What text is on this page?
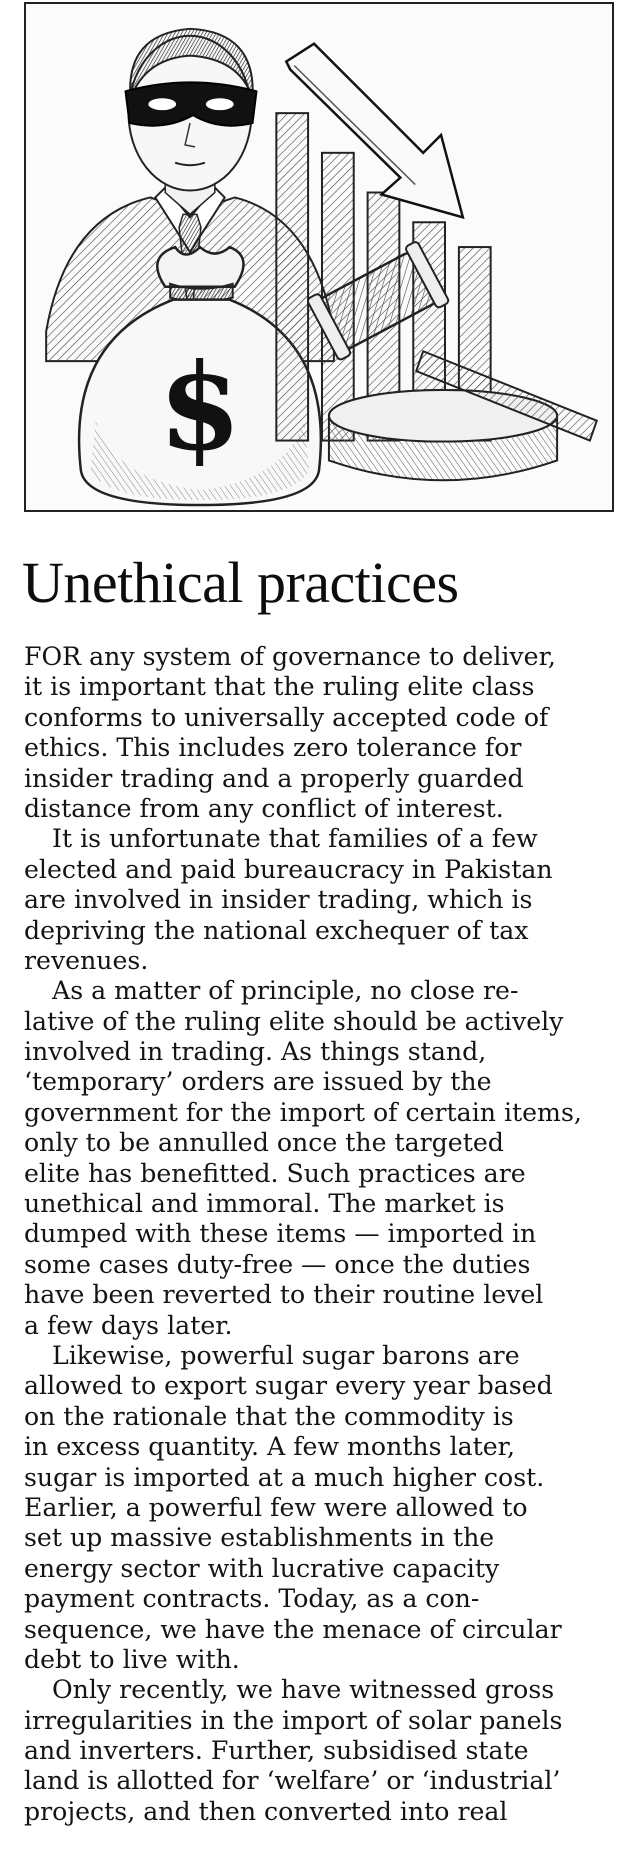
$
Unethical practices

FOR any system of governance to deliver,
it is important that the ruling elite class
conforms to universally accepted code of
ethics. This includes zero tolerance for
insider trading and a properly guarded
distance from any conflict of interest.

It is unfortunate that families of a few
elected and paid bureaucracy in Pakistan
are involved in insider trading, which is
depriving the national exchequer of tax
revenues.

As a matter of principle, no close re-
lative of the ruling elite should be actively
involved in trading. As things stand,
‘temporary’ orders are issued by the
government for the import of certain items,
only to be annulled once the targeted
elite has benefitted. Such practices are
unethical and immoral. The market is
dumped with these items — imported in
some cases duty-free — once the duties
have been reverted to their routine level
a few days later.

Likewise, powerful sugar barons are
allowed to export sugar every year based
on the rationale that the commodity is
in excess quantity. A few months later,
sugar is imported at a much higher cost.
Earlier, a powerful few were allowed to
set up massive establishments in the
energy sector with lucrative capacity
payment contracts. Today, as a con-
sequence, we have the menace of circular
debt to live with.

Only recently, we have witnessed gross
irregularities in the import of solar panels
and inverters. Further, subsidised state
land is allotted for ‘welfare’ or ‘industrial’
projects, and then converted into real
